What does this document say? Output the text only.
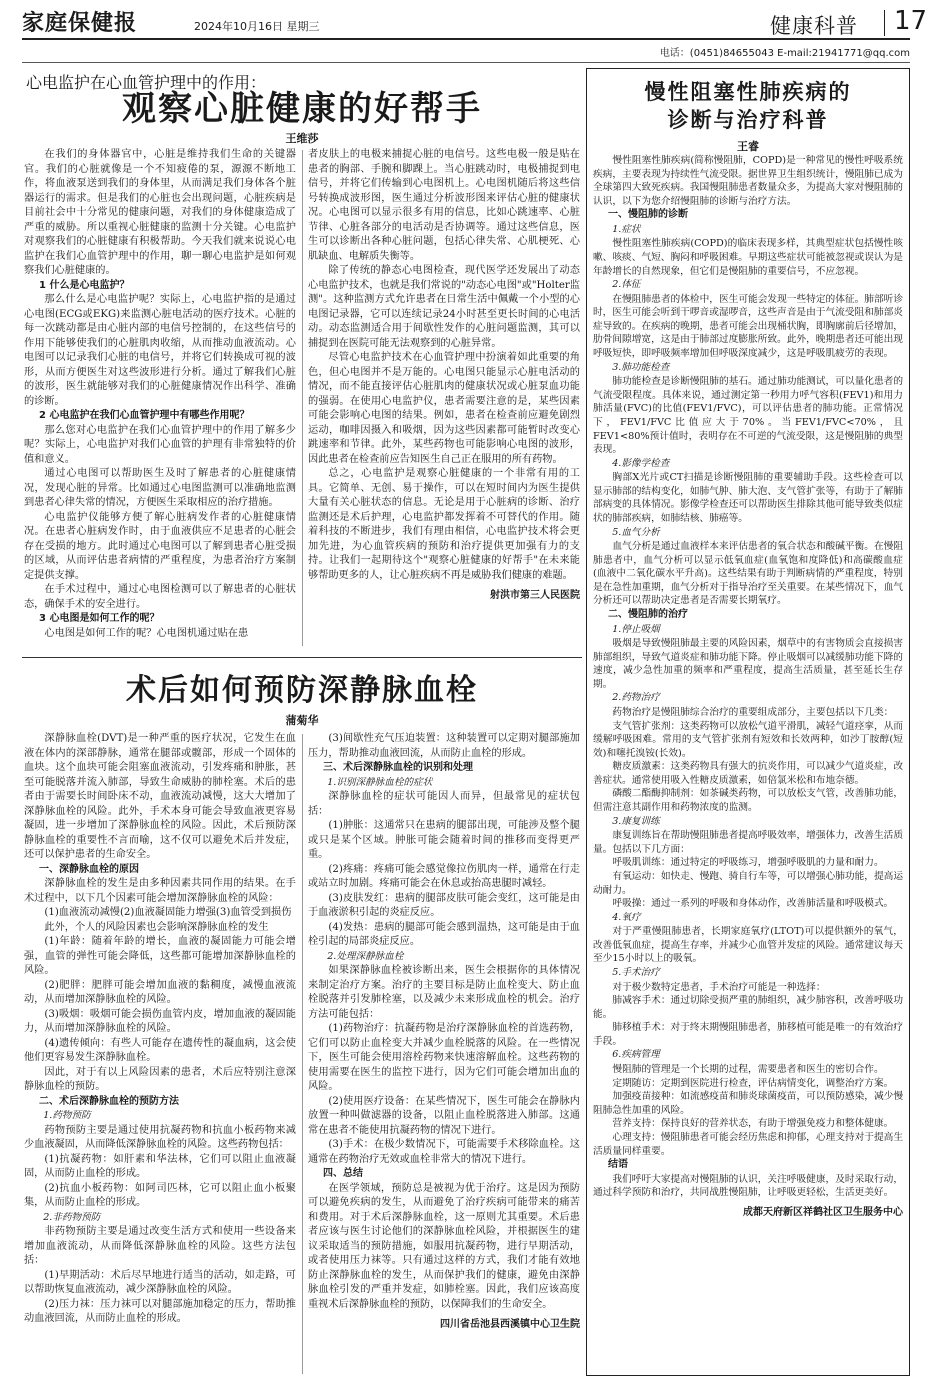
家庭保健报	2024年10月16日 星期三	健康科普 17
电话：(0451)84655043 E-mail:21941771@qq.com
心电监护在心血管护理中的作用：
观察心脏健康的好帮手
王维莎

在我们的身体器官中，心脏是维持我们生命的关键器官。我们的心脏就像是一个不知疲倦的泵，源源不断地工作，将血液泵送到我们的身体里，从而满足我们身体各个脏器运行的需求。但是我们的心脏也会出现问题，心脏疾病是目前社会中十分常见的健康问题，对我们的身体健康造成了严重的威胁。所以重视心脏健康的监测十分关键。心电监护对观察我们的心脏健康有积极帮助。今天我们就来说说心电监护在我们心血管护理中的作用，聊一聊心电监护是如何观察我们心脏健康的。

1 什么是心电监护？

那么什么是心电监护呢？实际上，心电监护指的是通过心电图(ECG或EKG)来监测心脏电活动的医疗技术。心脏的每一次跳动都是由心脏内部的电信号控制的，在这些信号的作用下能够使我们的心脏肌肉收缩，从而推动血液流动。心电图可以记录我们心脏的电信号，并将它们转换成可视的波形，从而方便医生对这些波形进行分析。通过了解我们心脏的波形，医生就能够对我们的心脏健康情况作出科学、准确的诊断。

2 心电监护在我们心血管护理中有哪些作用呢？

那么您对心电监护在我们心血管护理中的作用了解多少呢？实际上，心电监护对我们心血管的护理有非常独特的价值和意义。

通过心电图可以帮助医生及时了解患者的心脏健康情况，发现心脏的异常。比如通过心电图监测可以准确地监测到患者心律失常的情况，方便医生采取相应的治疗措施。

心电监护仪能够方便了解心脏病发作者的心脏健康情况。在患者心脏病发作时，由于血液供应不足患者的心脏会存在受损的地方。此时通过心电图可以了解到患者心脏受损的区域，从而评估患者病情的严重程度，为患者治疗方案制定提供支撑。

在手术过程中，通过心电图检测可以了解患者的心脏状态，确保手术的安全进行。

3 心电图是如何工作的呢？

心电图是如何工作的呢？心电图机通过贴在患

者皮肤上的电极来捕捉心脏的电信号。这些电极一般是贴在患者的胸部、手腕和脚踝上。当心脏跳动时，电极捕捉到电信号，并将它们传输到心电图机上。心电图机随后将这些信号转换成波形图，医生通过分析波形图来评估心脏的健康状况。心电图可以显示很多有用的信息，比如心跳速率、心脏节律、心脏各部分的电活动是否协调等。通过这些信息，医生可以诊断出各种心脏问题，包括心律失常、心肌梗死、心肌缺血、电解质失衡等。

除了传统的静态心电图检查，现代医学还发展出了动态心电监护技术，也就是我们常说的"动态心电图"或"Holter监测"。这种监测方式允许患者在日常生活中佩戴一个小型的心电图记录器，它可以连续记录24小时甚至更长时间的心电活动。动态监测适合用于间歇性发作的心脏问题监测，其可以捕捉到在医院可能无法观察到的心脏异常。

尽管心电监护技术在心血管护理中扮演着如此重要的角色，但心电图并不是万能的。心电图只能显示心脏电活动的情况，而不能直接评估心脏肌肉的健康状况或心脏泵血功能的强弱。在使用心电监护仪，患者需要注意的是，某些因素可能会影响心电图的结果。例如，患者在检查前应避免剧烈运动，咖啡因摄入和吸烟，因为这些因素都可能暂时改变心跳速率和节律。此外，某些药物也可能影响心电图的波形，因此患者在检查前应告知医生自己正在服用的所有药物。

总之，心电监护是观察心脏健康的一个非常有用的工具。它简单、无创、易于操作，可以在短时间内为医生提供大量有关心脏状态的信息。无论是用于心脏病的诊断、治疗监测还是术后护理，心电监护都发挥着不可替代的作用。随着科技的不断进步，我们有理由相信，心电监护技术将会更加先进，为心血管疾病的预防和治疗提供更加强有力的支持。让我们一起期待这个"观察心脏健康的好帮手"在未来能够帮助更多的人，让心脏疾病不再是威胁我们健康的难题。

射洪市第三人民医院
术后如何预防深静脉血栓
蒲菊华

深静脉血栓(DVT)是一种严重的医疗状况，它发生在血液在体内的深部静脉，通常在腿部或髋部，形成一个固体的血块。这个血块可能会阻塞血液流动，引发疼痛和肿胀，甚至可能脱落并流入肺部，导致生命威胁的肺栓塞。术后的患者由于需要长时间卧床不动，血液流动减慢，这大大增加了深静脉血栓的风险。此外，手术本身可能会导致血液更容易凝固，进一步增加了深静脉血栓的风险。因此，术后预防深静脉血栓的重要性不言而喻，这不仅可以避免术后并发症，还可以保护患者的生命安全。

一、深静脉血栓的原因

深静脉血栓的发生是由多种因素共同作用的结果。在手术过程中，以下几个因素可能会增加深静脉血栓的风险：

(1)血液流动减慢(2)血液凝固能力增强(3)血管受到损伤

此外，个人的风险因素也会影响深静脉血栓的发生

(1)年龄：随着年龄的增长，血液的凝固能力可能会增强，血管的弹性可能会降低，这些都可能增加深静脉血栓的风险。

(2)肥胖：肥胖可能会增加血液的黏稠度，减慢血液流动，从而增加深静脉血栓的风险。

(3)吸烟：吸烟可能会损伤血管内皮，增加血液的凝固能力，从而增加深静脉血栓的风险。

(4)遗传倾向：有些人可能存在遗传性的凝血病，这会使他们更容易发生深静脉血栓。

因此，对于有以上风险因素的患者，术后应特别注意深静脉血栓的预防。

二、术后深静脉血栓的预防方法
1.药物预防

药物预防主要是通过使用抗凝药物和抗血小板药物来减少血液凝固，从而降低深静脉血栓的风险。这些药物包括：

(1)抗凝药物：如肝素和华法林，它们可以阻止血液凝固，从而防止血栓的形成。

(2)抗血小板药物：如阿司匹林，它可以阻止血小板聚集，从而防止血栓的形成。

2.非药物预防

非药物预防主要是通过改变生活方式和使用一些设备来增加血液流动，从而降低深静脉血栓的风险。这些方法包括：

(1)早期活动：术后尽早地进行适当的活动，如走路，可以帮助恢复血液流动，减少深静脉血栓的风险。

(2)压力袜：压力袜可以对腿部施加稳定的压力，帮助推动血液回流，从而防止血栓的形成。

(3)间歇性充气压迫装置：这种装置可以定期对腿部施加压力，帮助推动血液回流，从而防止血栓的形成。

三、术后深静脉血栓的识别和处理
1.识别深静脉血栓的症状

深静脉血栓的症状可能因人而异，但最常见的症状包括：

(1)肿胀：这通常只在患病的腿部出现，可能涉及整个腿或只是某个区域。肿胀可能会随着时间的推移而变得更严重。

(2)疼痛：疼痛可能会感觉像拉伤肌肉一样，通常在行走或站立时加剧。疼痛可能会在休息或抬高患腿时减轻。

(3)皮肤发红：患病的腿部皮肤可能会变红，这可能是由于血液淤积引起的炎症反应。

(4)发热：患病的腿部可能会感到温热，这可能是由于血栓引起的局部炎症反应。

2.处理深静脉血栓

如果深静脉血栓被诊断出来，医生会根据你的具体情况来制定治疗方案。治疗的主要目标是防止血栓变大、防止血栓脱落并引发肺栓塞，以及减少未来形成血栓的机会。治疗方法可能包括：

(1)药物治疗：抗凝药物是治疗深静脉血栓的首选药物，它们可以防止血栓变大并减少血栓脱落的风险。在一些情况下，医生可能会使用溶栓药物来快速溶解血栓。这些药物的使用需要在医生的监控下进行，因为它们可能会增加出血的风险。

(2)使用医疗设备：在某些情况下，医生可能会在静脉内放置一种叫做滤器的设备，以阻止血栓脱落进入肺部。这通常在患者不能使用抗凝药物的情况下进行。

(3)手术：在极少数情况下，可能需要手术移除血栓。这通常在药物治疗无效或血栓非常大的情况下进行。

四、总结

在医学领域，预防总是被视为优于治疗。这是因为预防可以避免疾病的发生，从而避免了治疗疾病可能带来的痛苦和费用。对于术后深静脉血栓，这一原则尤其重要。术后患者应该与医生讨论他们的深静脉血栓风险，并根据医生的建议采取适当的预防措施，如服用抗凝药物，进行早期活动，或者使用压力袜等。只有通过这样的方式，我们才能有效地防止深静脉血栓的发生，从而保护我们的健康，避免由深静脉血栓引发的严重并发症，如肺栓塞。因此，我们应该高度重视术后深静脉血栓的预防，以保障我们的生命安全。

四川省岳池县西溪镇中心卫生院
慢性阻塞性肺疾病的
诊断与治疗科普
王睿

慢性阻塞性肺疾病(简称慢阻肺，COPD)是一种常见的慢性呼吸系统疾病，主要表现为持续性气流受限。据世界卫生组织统计，慢阻肺已成为全球第四大致死疾病。我国慢阻肺患者数量众多，为提高大家对慢阻肺的认识，以下为您介绍慢阻肺的诊断与治疗方法。

一、慢阻肺的诊断
1.症状

慢性阻塞性肺疾病(COPD)的临床表现多样，其典型症状包括慢性咳嗽、咳痰、气短、胸闷和呼吸困难。早期这些症状可能被忽视或误认为是年龄增长的自然现象，但它们是慢阻肺的重要信号，不应忽视。

2.体征

在慢阻肺患者的体检中，医生可能会发现一些特定的体征。肺部听诊时，医生可能会听到干啰音或湿啰音，这些声音是由于气流受阻和肺部炎症导致的。在疾病的晚期，患者可能会出现桶状胸，即胸廓前后径增加，肋骨间隙增宽，这是由于肺部过度膨胀所致。此外，晚期患者还可能出现呼吸短快，即呼吸频率增加但呼吸深度减少，这是呼吸肌疲劳的表现。

3.肺功能检查

肺功能检查是诊断慢阻肺的基石。通过肺功能测试，可以量化患者的气流受限程度。具体来说，通过测定第一秒用力呼气容积(FEV1)和用力肺活量(FVC)的比值(FEV1/FVC)，可以评估患者的肺功能。正常情况下，FEV1/FVC比值应大于70%。当FEV1/FVC<70%，且FEV1<80%预计值时，表明存在不可逆的气流受限，这是慢阻肺的典型表现。

4.影像学检查

胸部X光片或CT扫描是诊断慢阻肺的重要辅助手段。这些检查可以显示肺部的结构变化，如肺气肿、肺大泡、支气管扩张等，有助于了解肺部病变的具体情况。影像学检查还可以帮助医生排除其他可能导致类似症状的肺部疾病，如肺结核、肺癌等。

5.血气分析

血气分析是通过血液样本来评估患者的氧合状态和酸碱平衡。在慢阻肺患者中，血气分析可以显示低氧血症(血氧饱和度降低)和高碳酸血症(血液中二氧化碳水平升高)。这些结果有助于判断病情的严重程度，特别是在急性加重期，血气分析对于指导治疗至关重要。在某些情况下，血气分析还可以帮助决定患者是否需要长期氧疗。

二、慢阻肺的治疗
1.停止吸烟

吸烟是导致慢阻肺最主要的风险因素，烟草中的有害物质会直接损害肺部组织，导致气道炎症和肺功能下降。停止吸烟可以减缓肺功能下降的速度，减少急性加重的频率和严重程度，提高生活质量，甚至延长生存期。

2.药物治疗

药物治疗是慢阻肺综合治疗的重要组成部分，主要包括以下几类：

支气管扩张剂：这类药物可以放松气道平滑肌，减轻气道痉挛，从而缓解呼吸困难。常用的支气管扩张剂有短效和长效两种，如沙丁胺醇(短效)和噻托溴铵(长效)。

糖皮质激素：这类药物具有强大的抗炎作用，可以减少气道炎症，改善症状。通常使用吸入性糖皮质激素，如倍氯米松和布地奈德。

磷酸二酯酶抑制剂：如茶碱类药物，可以放松支气管，改善肺功能，但需注意其副作用和药物浓度的监测。

3.康复训练

康复训练旨在帮助慢阻肺患者提高呼吸效率，增强体力，改善生活质量。包括以下几方面：

呼吸肌训练：通过特定的呼吸练习，增强呼吸肌的力量和耐力。

有氧运动：如快走、慢跑、骑自行车等，可以增强心肺功能，提高运动耐力。

呼吸操：通过一系列的呼吸和身体动作，改善肺活量和呼吸模式。

4.氧疗

对于严重慢阻肺患者，长期家庭氧疗(LTOT)可以提供额外的氧气，改善低氧血症，提高生存率，并减少心血管并发症的风险。通常建议每天至少15小时以上的吸氧。

5.手术治疗

对于极少数特定患者，手术治疗可能是一种选择：

肺减容手术：通过切除受损严重的肺组织，减少肺容积，改善呼吸功能。

肺移植手术：对于终末期慢阻肺患者，肺移植可能是唯一的有效治疗手段。

6.疾病管理

慢阻肺的管理是一个长期的过程，需要患者和医生的密切合作。

定期随访：定期到医院进行检查，评估病情变化，调整治疗方案。

加强疫苗接种：如流感疫苗和肺炎球菌疫苗，可以预防感染，减少慢阻肺急性加重的风险。

营养支持：保持良好的营养状态，有助于增强免疫力和整体健康。

心理支持：慢阻肺患者可能会经历焦虑和抑郁，心理支持对于提高生活质量同样重要。

结语

我们呼吁大家提高对慢阻肺的认识，关注呼吸健康，及时采取行动，通过科学预防和治疗，共同战胜慢阻肺，让呼吸更轻松，生活更美好。

成都天府新区祥鹤社区卫生服务中心
